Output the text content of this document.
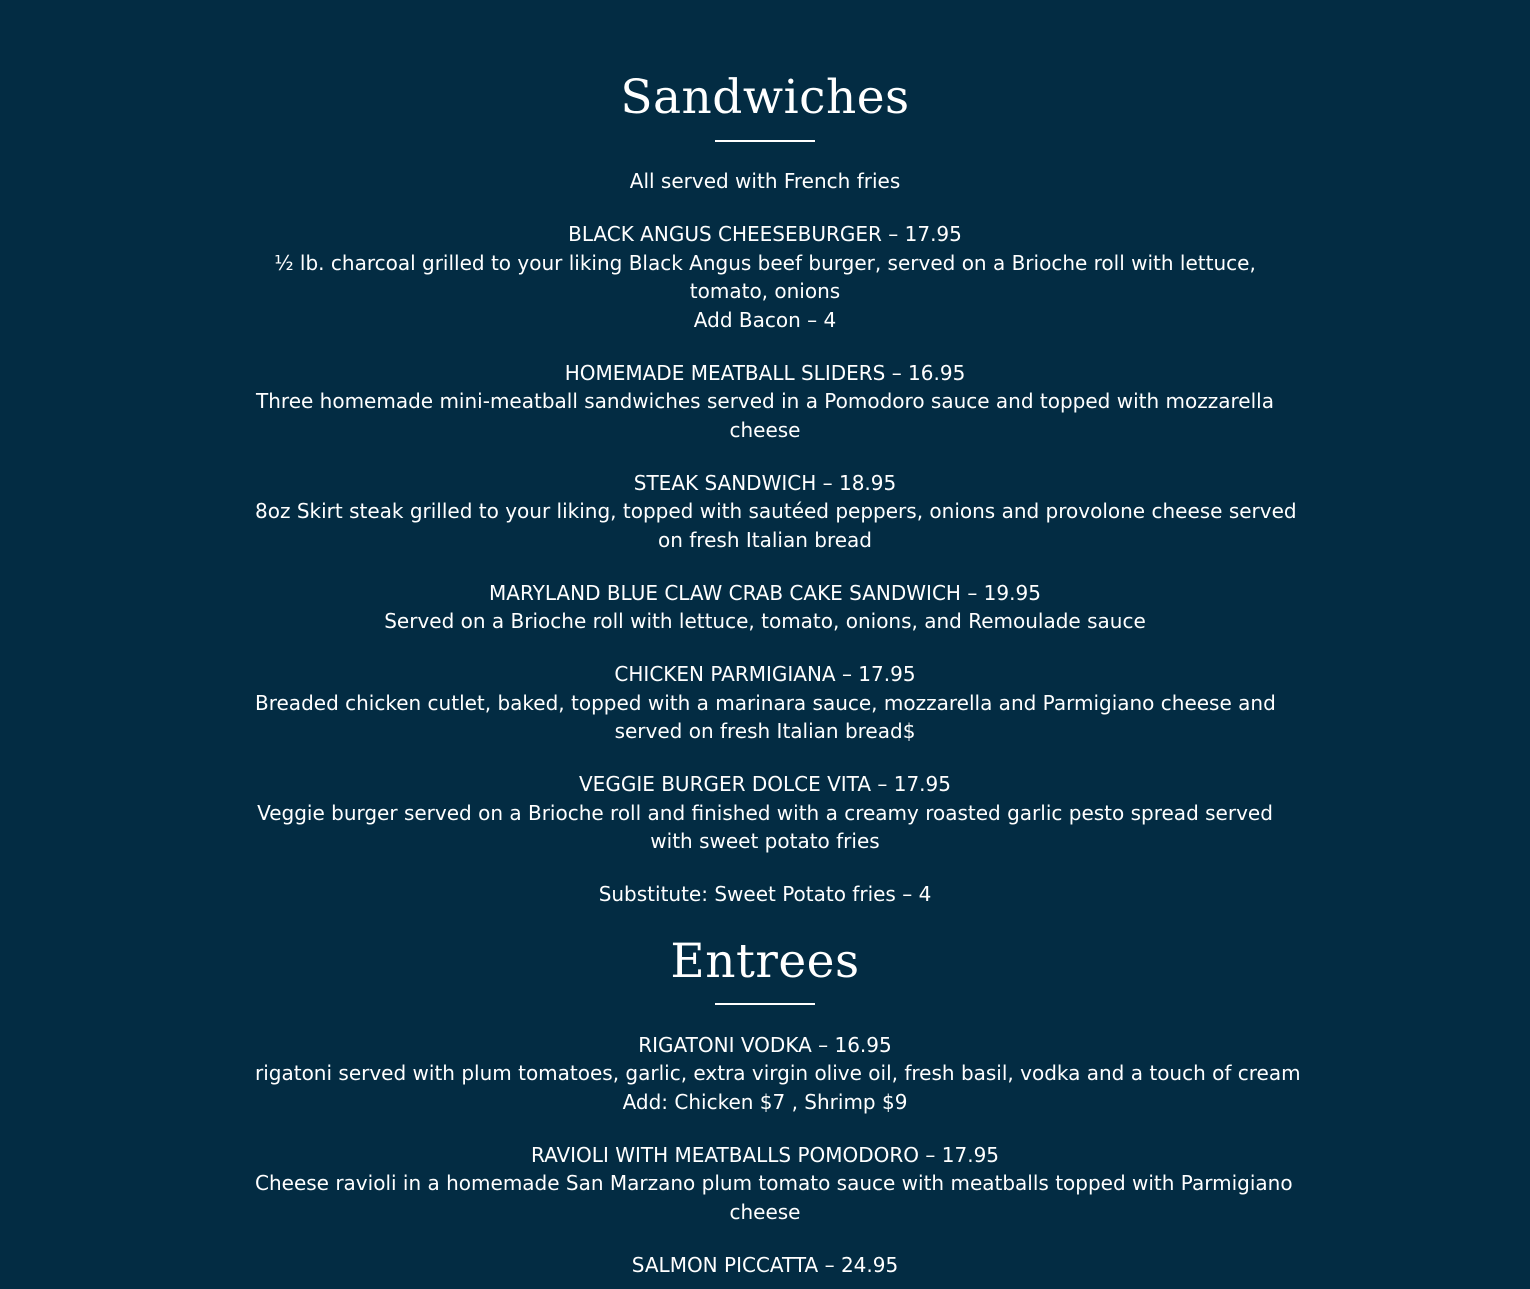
Sandwiches
All served with French fries
BLACK ANGUS CHEESEBURGER – 17.95
½ lb. charcoal grilled to your liking Black Angus beef burger, served on a Brioche roll with lettuce,
tomato, onions
Add Bacon – 4
HOMEMADE MEATBALL SLIDERS – 16.95
Three homemade mini-meatball sandwiches served in a Pomodoro sauce and topped with mozzarella
cheese
STEAK SANDWICH – 18.95
8oz Skirt steak grilled to your liking, topped with sautéed peppers, onions and provolone cheese served
on fresh Italian bread
MARYLAND BLUE CLAW CRAB CAKE SANDWICH – 19.95
Served on a Brioche roll with lettuce, tomato, onions, and Remoulade sauce
CHICKEN PARMIGIANA – 17.95
Breaded chicken cutlet, baked, topped with a marinara sauce, mozzarella and Parmigiano cheese and
served on fresh Italian bread$
VEGGIE BURGER DOLCE VITA – 17.95
Veggie burger served on a Brioche roll and finished with a creamy roasted garlic pesto spread served
with sweet potato fries
Substitute: Sweet Potato fries – 4
Entrees
RIGATONI VODKA – 16.95
rigatoni served with plum tomatoes, garlic, extra virgin olive oil, fresh basil, vodka and a touch of cream
Add: Chicken $7 , Shrimp $9
RAVIOLI WITH MEATBALLS POMODORO – 17.95
Cheese ravioli in a homemade San Marzano plum tomato sauce with meatballs topped with Parmigiano
cheese
SALMON PICCATTA – 24.95
